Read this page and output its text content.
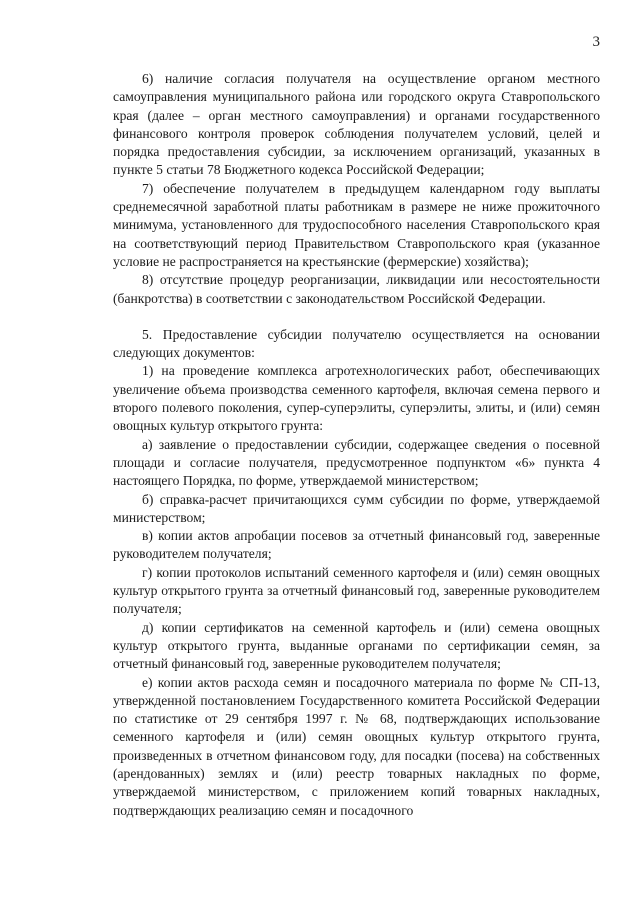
3

6) наличие согласия получателя на осуществление органом местного самоуправления муниципального района или городского округа Ставропольского края (далее – орган местного самоуправления) и органами государственного финансового контроля проверок соблюдения получателем условий, целей и порядка предоставления субсидии, за исключением организаций, указанных в пункте 5 статьи 78 Бюджетного кодекса Российской Федерации;

7) обеспечение получателем в предыдущем календарном году выплаты среднемесячной заработной платы работникам в размере не ниже прожиточного минимума, установленного для трудоспособного населения Ставропольского края на соответствующий период Правительством Ставропольского края (указанное условие не распространяется на крестьянские (фермерские) хозяйства);

8) отсутствие процедур реорганизации, ликвидации или несостоятельности (банкротства) в соответствии с законодательством Российской Федерации.

5. Предоставление субсидии получателю осуществляется на основании следующих документов:

1) на проведение комплекса агротехнологических работ, обеспечивающих увеличение объема производства семенного картофеля, включая семена первого и второго полевого поколения, супер-суперэлиты, суперэлиты, элиты, и (или) семян овощных культур открытого грунта:

а) заявление о предоставлении субсидии, содержащее сведения о посевной площади и согласие получателя, предусмотренное подпунктом «6» пункта 4 настоящего Порядка, по форме, утверждаемой министерством;

б) справка-расчет причитающихся сумм субсидии по форме, утверждаемой министерством;

в) копии актов апробации посевов за отчетный финансовый год, заверенные руководителем получателя;

г) копии протоколов испытаний семенного картофеля и (или) семян овощных культур открытого грунта за отчетный финансовый год, заверенные руководителем получателя;

д) копии сертификатов на семенной картофель и (или) семена овощных культур открытого грунта, выданные органами по сертификации семян, за отчетный финансовый год, заверенные руководителем получателя;

е) копии актов расхода семян и посадочного материала по форме № СП-13, утвержденной постановлением Государственного комитета Российской Федерации по статистике от 29 сентября 1997 г. № 68, подтверждающих использование семенного картофеля и (или) семян овощных культур открытого грунта, произведенных в отчетном финансовом году, для посадки (посева) на собственных (арендованных) землях и (или) реестр товарных накладных по форме, утверждаемой министерством, с приложением копий товарных накладных, подтверждающих реализацию семян и посадочного
